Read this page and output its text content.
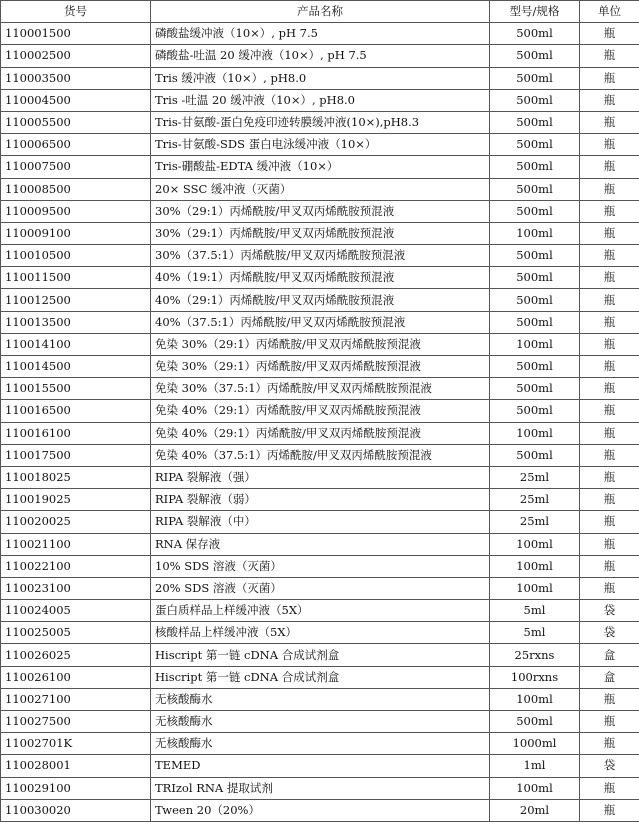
货号	产品名称	型号/规格	单位
110001500	磷酸盐缓冲液（10×）, pH 7.5	500ml	瓶
110002500	磷酸盐-吐温 20 缓冲液（10×）, pH 7.5	500ml	瓶
110003500	Tris 缓冲液（10×）, pH8.0	500ml	瓶
110004500	Tris -吐温 20 缓冲液（10×）, pH8.0	500ml	瓶
110005500	Tris-甘氨酸-蛋白免疫印迹转膜缓冲液(10×),pH8.3	500ml	瓶
110006500	Tris-甘氨酸-SDS 蛋白电泳缓冲液（10×）	500ml	瓶
110007500	Tris-硼酸盐-EDTA 缓冲液（10×）	500ml	瓶
110008500	20× SSC 缓冲液（灭菌）	500ml	瓶
110009500	30%（29:1）丙烯酰胺/甲叉双丙烯酰胺预混液	500ml	瓶
110009100	30%（29:1）丙烯酰胺/甲叉双丙烯酰胺预混液	100ml	瓶
110010500	30%（37.5:1）丙烯酰胺/甲叉双丙烯酰胺预混液	500ml	瓶
110011500	40%（19:1）丙烯酰胺/甲叉双丙烯酰胺预混液	500ml	瓶
110012500	40%（29:1）丙烯酰胺/甲叉双丙烯酰胺预混液	500ml	瓶
110013500	40%（37.5:1）丙烯酰胺/甲叉双丙烯酰胺预混液	500ml	瓶
110014100	免染 30%（29:1）丙烯酰胺/甲叉双丙烯酰胺预混液	100ml	瓶
110014500	免染 30%（29:1）丙烯酰胺/甲叉双丙烯酰胺预混液	500ml	瓶
110015500	免染 30%（37.5:1）丙烯酰胺/甲叉双丙烯酰胺预混液	500ml	瓶
110016500	免染 40%（29:1）丙烯酰胺/甲叉双丙烯酰胺预混液	500ml	瓶
110016100	免染 40%（29:1）丙烯酰胺/甲叉双丙烯酰胺预混液	100ml	瓶
110017500	免染 40%（37.5:1）丙烯酰胺/甲叉双丙烯酰胺预混液	500ml	瓶
110018025	RIPA 裂解液（强）	25ml	瓶
110019025	RIPA 裂解液（弱）	25ml	瓶
110020025	RIPA 裂解液（中）	25ml	瓶
110021100	RNA 保存液	100ml	瓶
110022100	10% SDS 溶液（灭菌）	100ml	瓶
110023100	20% SDS 溶液（灭菌）	100ml	瓶
110024005	蛋白质样品上样缓冲液（5X）	5ml	袋
110025005	核酸样品上样缓冲液（5X）	5ml	袋
110026025	Hiscript 第一链 cDNA 合成试剂盒	25rxns	盒
110026100	Hiscript 第一链 cDNA 合成试剂盒	100rxns	盒
110027100	无核酸酶水	100ml	瓶
110027500	无核酸酶水	500ml	瓶
11002701K	无核酸酶水	1000ml	瓶
110028001	TEMED	1ml	袋
110029100	TRIzol RNA 提取试剂	100ml	瓶
110030020	Tween 20（20%）	20ml	瓶
